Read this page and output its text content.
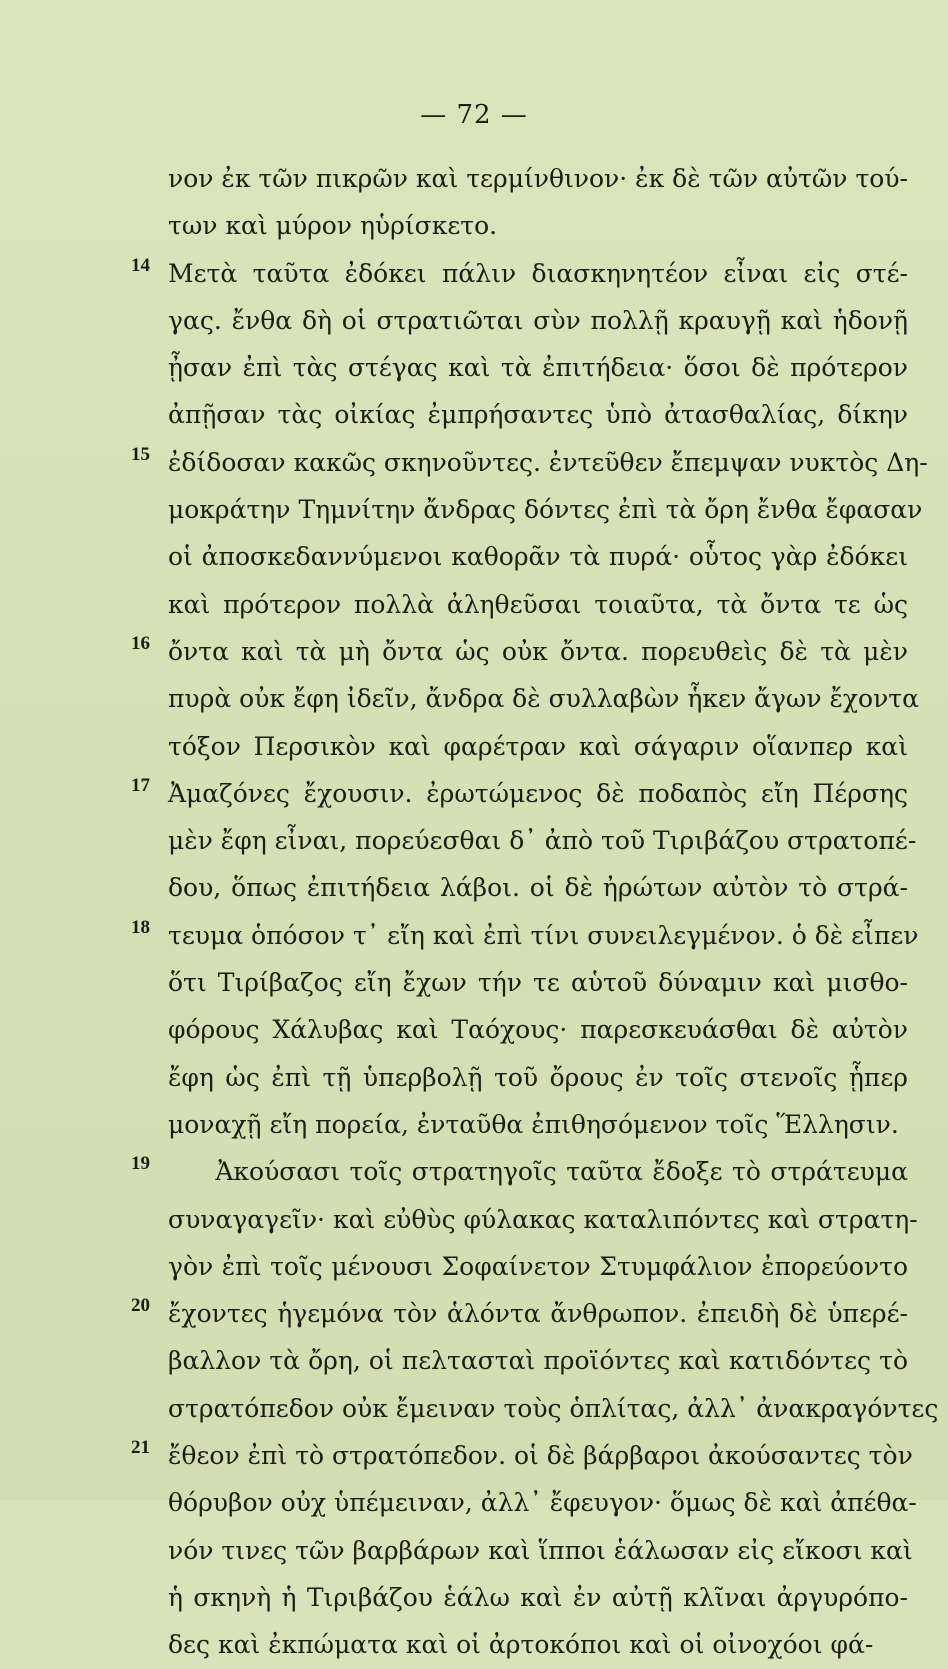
— 72 —
νον ἐκ τῶν πικρῶν καὶ τερμίνθινον· ἐκ δὲ τῶν αὐτῶν τού-
των καὶ μύρον ηὑρίσκετο.
14 Μετὰ ταῦτα ἐδόκει πάλιν διασκηνητέον εἶναι εἰς στέ-
γας. ἔνθα δὴ οἱ στρατιῶται σὺν πολλῇ κραυγῇ καὶ ἡδονῇ
ᾖσαν ἐπὶ τὰς στέγας καὶ τὰ ἐπιτήδεια· ὅσοι δὲ πρότερον
ἀπῇσαν τὰς οἰκίας ἐμπρήσαντες ὑπὸ ἀτασθαλίας, δίκην
15 ἐδίδοσαν κακῶς σκηνοῦντες. ἐντεῦθεν ἔπεμψαν νυκτὸς Δη-
μοκράτην Τημνίτην ἄνδρας δόντες ἐπὶ τὰ ὄρη ἔνθα ἔφασαν
οἱ ἀποσκεδαννύμενοι καθορᾶν τὰ πυρά· οὗτος γὰρ ἐδόκει
καὶ πρότερον πολλὰ ἀληθεῦσαι τοιαῦτα, τὰ ὄντα τε ὡς
16 ὄντα καὶ τὰ μὴ ὄντα ὡς οὐκ ὄντα. πορευθεὶς δὲ τὰ μὲν
πυρὰ οὐκ ἔφη ἰδεῖν, ἄνδρα δὲ συλλαβὼν ἧκεν ἄγων ἔχοντα
τόξον Περσικὸν καὶ φαρέτραν καὶ σάγαριν οἵανπερ καὶ
17 Ἀμαζόνες ἔχουσιν. ἐρωτώμενος δὲ ποδαπὸς εἴη Πέρσης
μὲν ἔφη εἶναι, πορεύεσθαι δ᾽ ἀπὸ τοῦ Τιριβάζου στρατοπέ-
δου, ὅπως ἐπιτήδεια λάβοι. οἱ δὲ ἠρώτων αὐτὸν τὸ στρά-
18 τευμα ὁπόσον τ᾽ εἴη καὶ ἐπὶ τίνι συνειλεγμένον. ὁ δὲ εἶπεν
ὅτι Τιρίβαζος εἴη ἔχων τήν τε αὑτοῦ δύναμιν καὶ μισθο-
φόρους Χάλυβας καὶ Ταόχους· παρεσκευάσθαι δὲ αὐτὸν
ἔφη ὡς ἐπὶ τῇ ὑπερβολῇ τοῦ ὄρους ἐν τοῖς στενοῖς ᾗπερ
μοναχῇ εἴη πορεία, ἐνταῦθα ἐπιθησόμενον τοῖς Ἕλλησιν.
19 Ἀκούσασι τοῖς στρατηγοῖς ταῦτα ἔδοξε τὸ στράτευμα
συναγαγεῖν· καὶ εὐθὺς φύλακας καταλιπόντες καὶ στρατη-
γὸν ἐπὶ τοῖς μένουσι Σοφαίνετον Στυμφάλιον ἐπορεύοντο
20 ἔχοντες ἡγεμόνα τὸν ἁλόντα ἄνθρωπον. ἐπειδὴ δὲ ὑπερέ-
βαλλον τὰ ὄρη, οἱ πελτασταὶ προϊόντες καὶ κατιδόντες τὸ
στρατόπεδον οὐκ ἔμειναν τοὺς ὁπλίτας, ἀλλ᾽ ἀνακραγόντες
21 ἔθεον ἐπὶ τὸ στρατόπεδον. οἱ δὲ βάρβαροι ἀκούσαντες τὸν
θόρυβον οὐχ ὑπέμειναν, ἀλλ᾽ ἔφευγον· ὅμως δὲ καὶ ἀπέθα-
νόν τινες τῶν βαρβάρων καὶ ἵπποι ἑάλωσαν εἰς εἴκοσι καὶ
ἡ σκηνὴ ἡ Τιριβάζου ἑάλω καὶ ἐν αὐτῇ κλῖναι ἀργυρόπο-
δες καὶ ἐκπώματα καὶ οἱ ἀρτοκόποι καὶ οἱ οἰνοχόοι φά-
